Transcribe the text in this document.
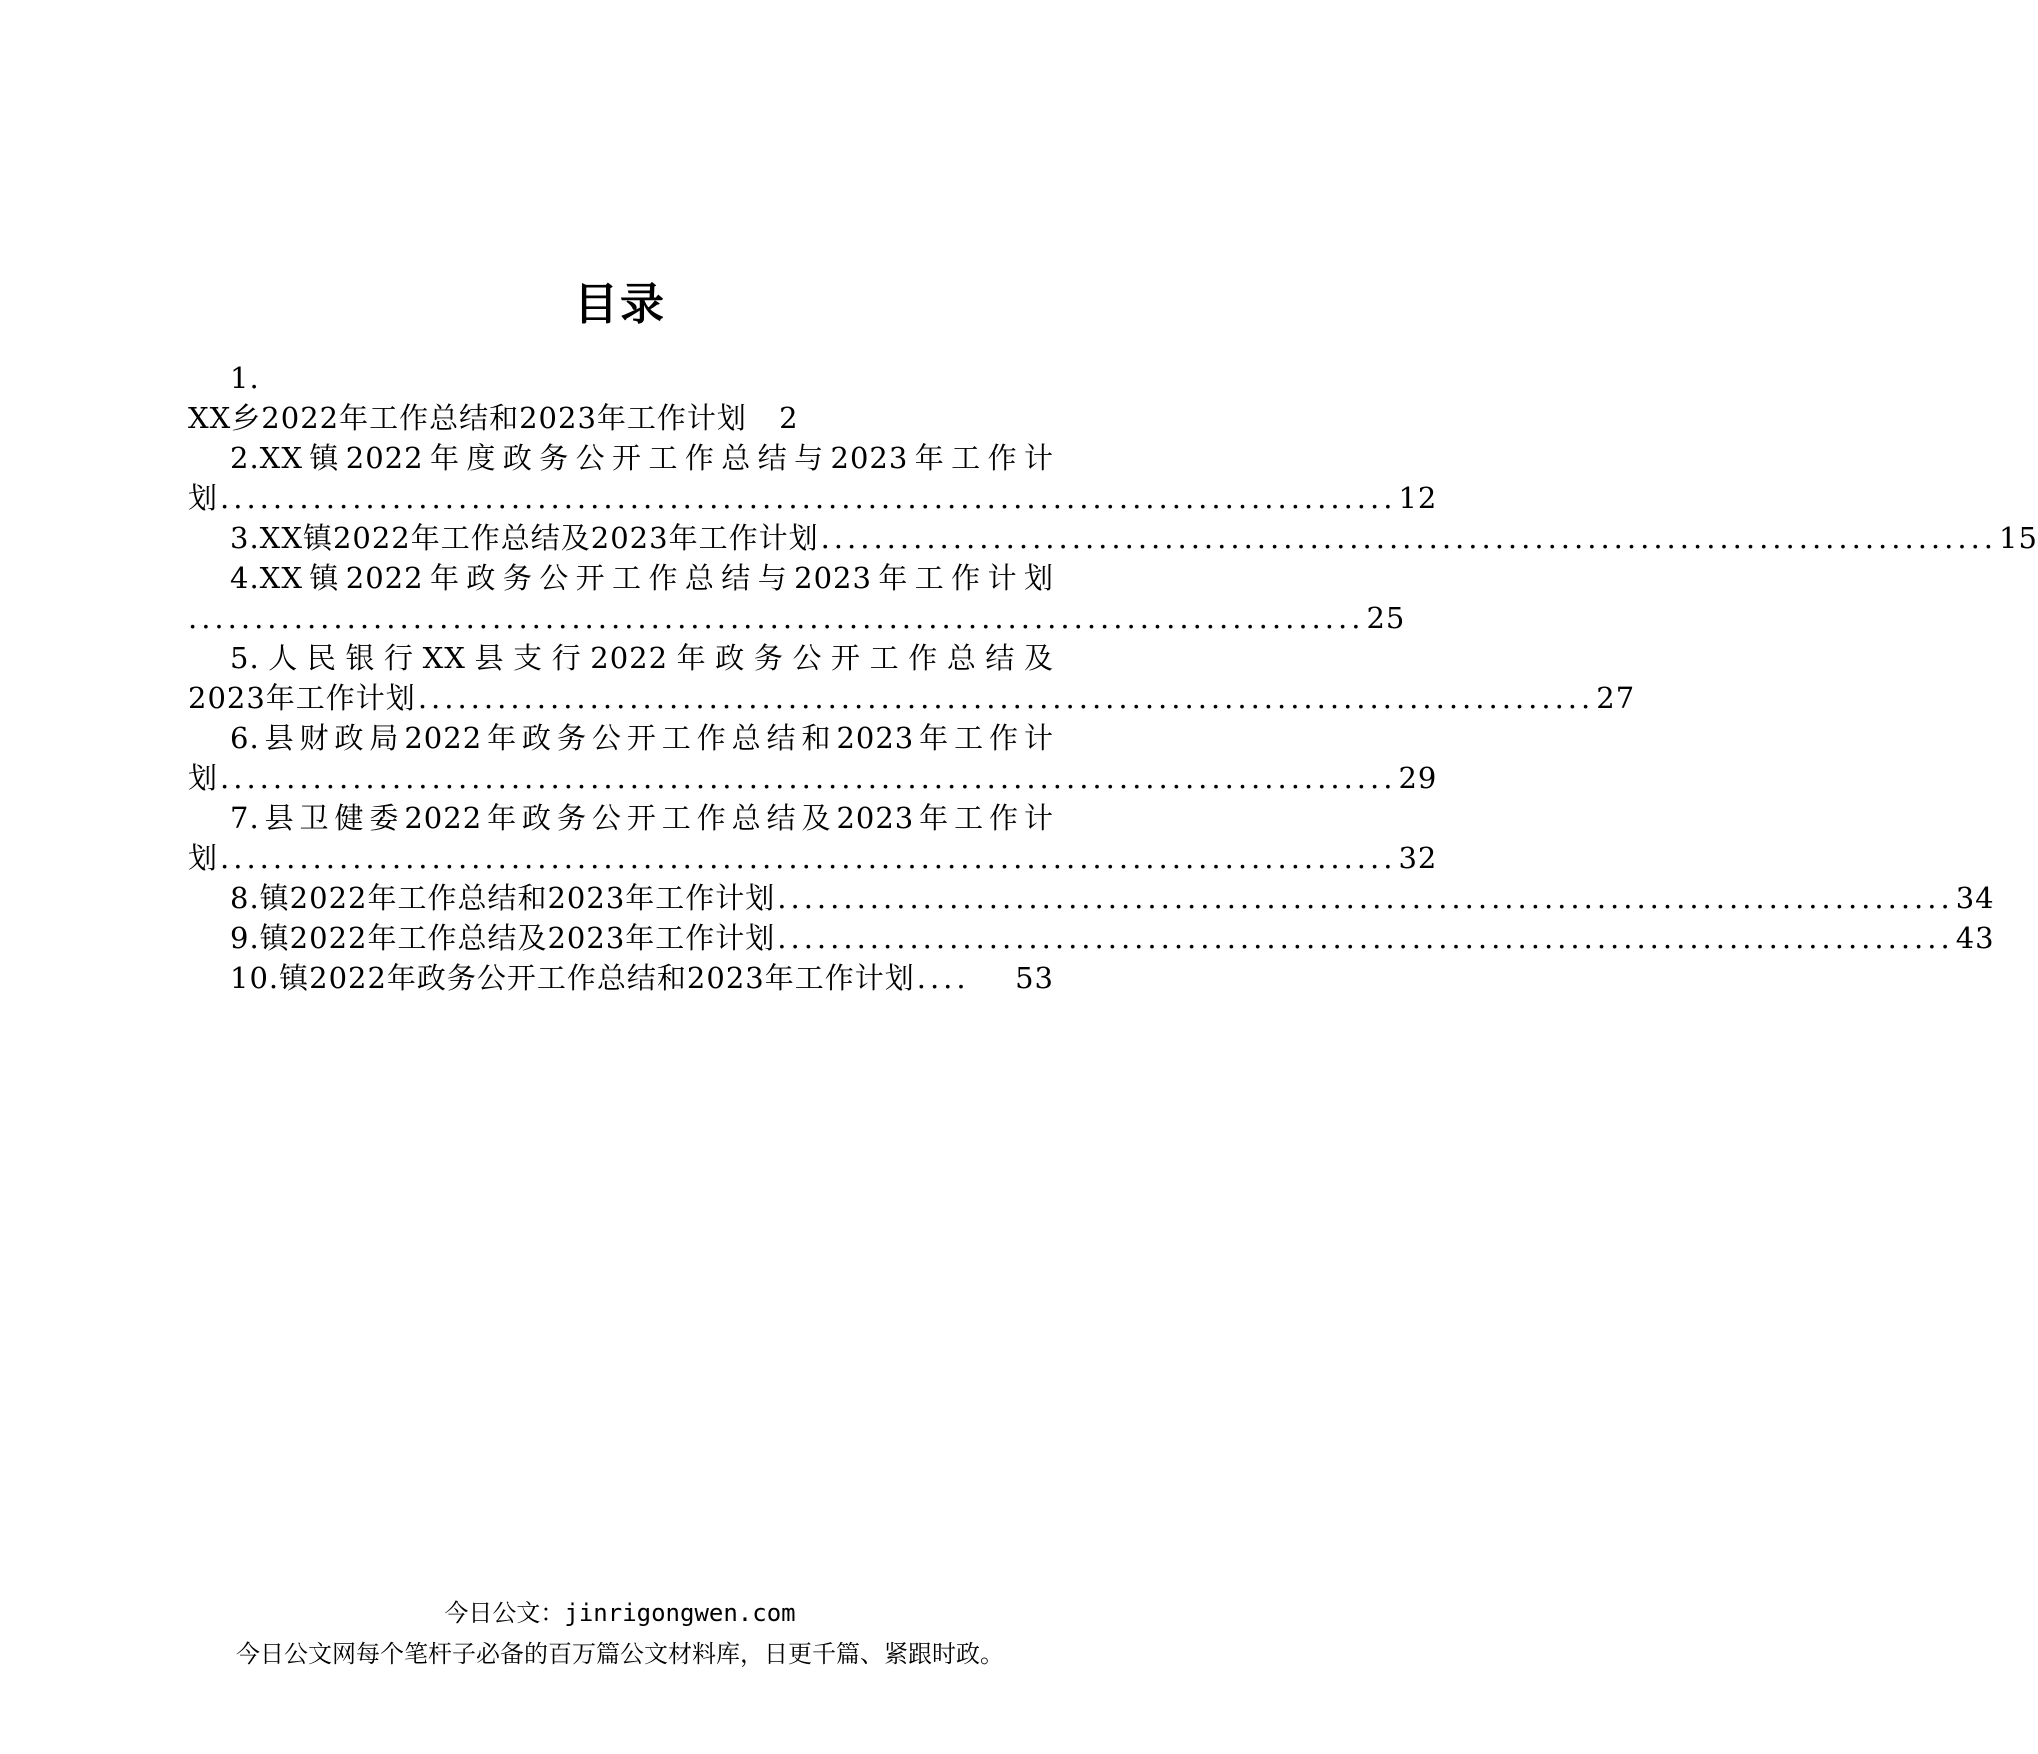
目录
1.
XX乡2022年工作总结和2023年工作计划 2
2.XX镇2022年度政务公开工作总结与2023年工作计
划 ......................................................................................... 12
3.XX镇2022年工作总结及2023年工作计划 ......................................................................................... 15
4.XX镇2022年政务公开工作总结与2023年工作计划
......................................................................................... 25
5.人民银行XX县支行2022年政务公开工作总结及
2023年工作计划 ......................................................................................... 27
6.县财政局2022年政务公开工作总结和2023年工作计
划 ......................................................................................... 29
7.县卫健委2022年政务公开工作总结及2023年工作计
划 ......................................................................................... 32
8.镇2022年工作总结和2023年工作计划 ......................................................................................... 34
9.镇2022年工作总结及2023年工作计划 ......................................................................................... 43
10.镇2022年政务公开工作总结和2023年工作计划 ....	53
今日公文：jinrigongwen.com
今日公文网每个笔杆子必备的百万篇公文材料库，日更千篇、紧跟时政。
